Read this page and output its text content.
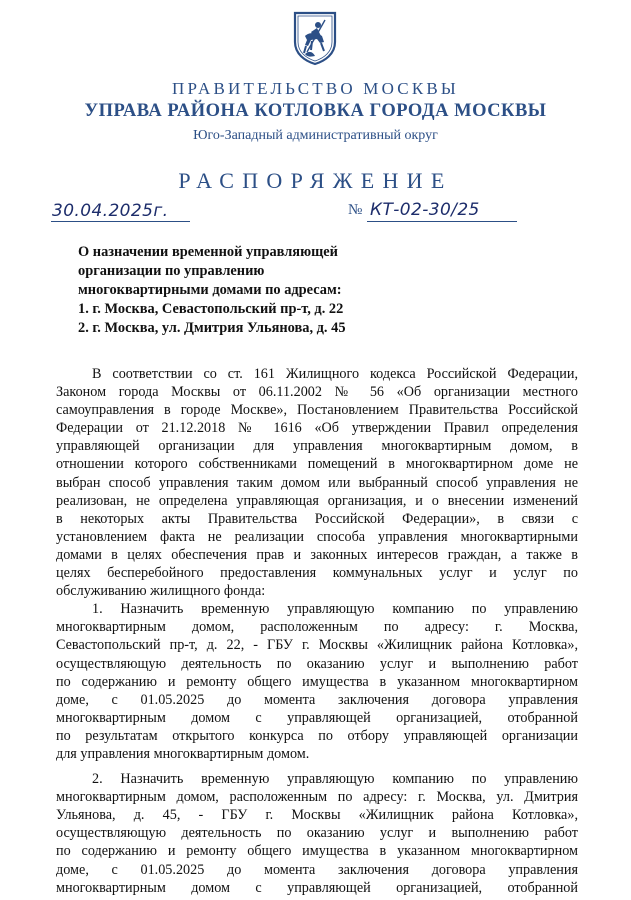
ПРАВИТЕЛЬСТВО МОСКВЫ
УПРАВА РАЙОНА КОТЛОВКА ГОРОДА МОСКВЫ
Юго-Западный административный округ
РАСПОРЯЖЕНИЕ
30.04.2025г.	№ КТ-02-30/25
О назначении временной управляющей
организации по управлению
многоквартирными домами по адресам:
1. г. Москва, Севастопольский пр-т, д. 22
2. г. Москва, ул. Дмитрия Ульянова, д. 45
В соответствии со ст. 161 Жилищного кодекса Российской Федерации,
Законом города Москвы от 06.11.2002 № 56 «Об организации местного
самоуправления в городе Москве», Постановлением Правительства Российской
Федерации от 21.12.2018 № 1616 «Об утверждении Правил определения
управляющей организации для управления многоквартирным домом, в
отношении которого собственниками помещений в многоквартирном доме не
выбран способ управления таким домом или выбранный способ управления не
реализован, не определена управляющая организация, и о внесении изменений
в некоторых акты Правительства Российской Федерации», в связи с
установлением факта не реализации способа управления многоквартирными
домами в целях обеспечения прав и законных интересов граждан, а также в
целях бесперебойного предоставления коммунальных услуг и услуг по
обслуживанию жилищного фонда:
1. Назначить временную управляющую компанию по управлению
многоквартирным домом, расположенным по адресу: г. Москва,
Севастопольский пр-т, д. 22, - ГБУ г. Москвы «Жилищник района Котловка»,
осуществляющую деятельность по оказанию услуг и выполнению работ
по содержанию и ремонту общего имущества в указанном многоквартирном
доме, с 01.05.2025 до момента заключения договора управления
многоквартирным домом с управляющей организацией, отобранной
по результатам открытого конкурса по отбору управляющей организации
для управления многоквартирным домом.
2. Назначить временную управляющую компанию по управлению
многоквартирным домом, расположенным по адресу: г. Москва, ул. Дмитрия
Ульянова, д. 45, - ГБУ г. Москвы «Жилищник района Котловка»,
осуществляющую деятельность по оказанию услуг и выполнению работ
по содержанию и ремонту общего имущества в указанном многоквартирном
доме, с 01.05.2025 до момента заключения договора управления
многоквартирным домом с управляющей организацией, отобранной
